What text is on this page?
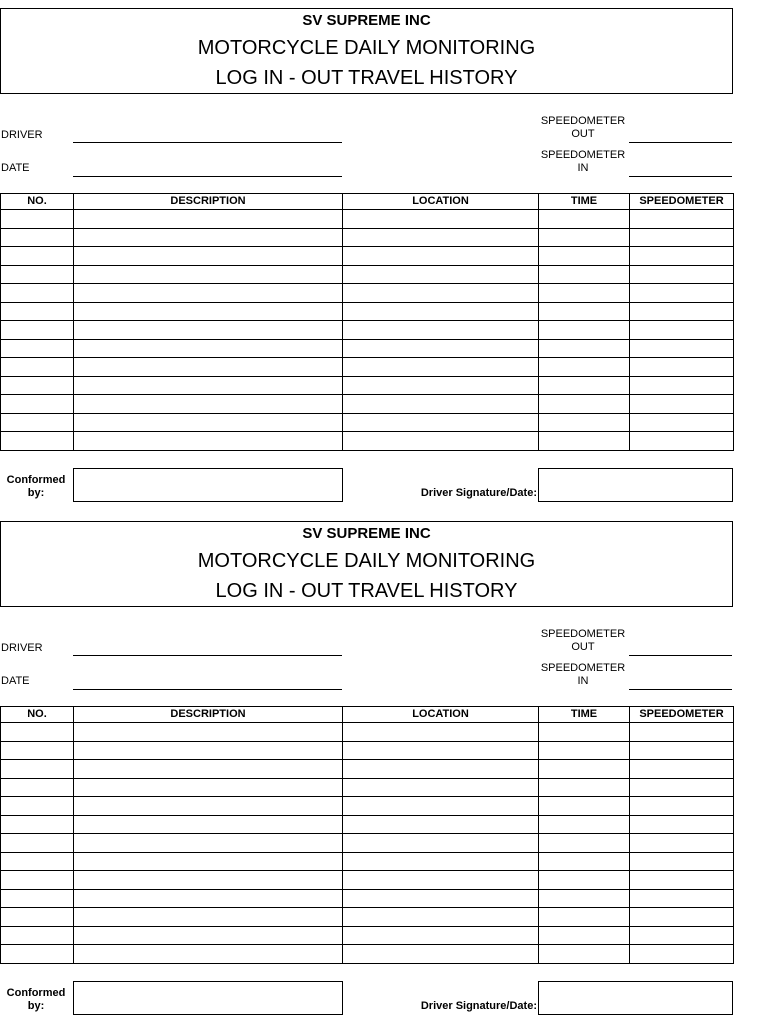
SV SUPREME INC
MOTORCYCLE DAILY MONITORING
LOG IN - OUT TRAVEL HISTORY
DRIVER
DATE
SPEEDOMETER
OUT
SPEEDOMETER
IN
NO.	DESCRIPTION	LOCATION	TIME	SPEEDOMETER

Conformed
by:	Driver Signature/Date:
SV SUPREME INC
MOTORCYCLE DAILY MONITORING
LOG IN - OUT TRAVEL HISTORY
DRIVER
DATE
SPEEDOMETER
OUT
SPEEDOMETER
IN
NO.	DESCRIPTION	LOCATION	TIME	SPEEDOMETER

Conformed
by:	Driver Signature/Date:
